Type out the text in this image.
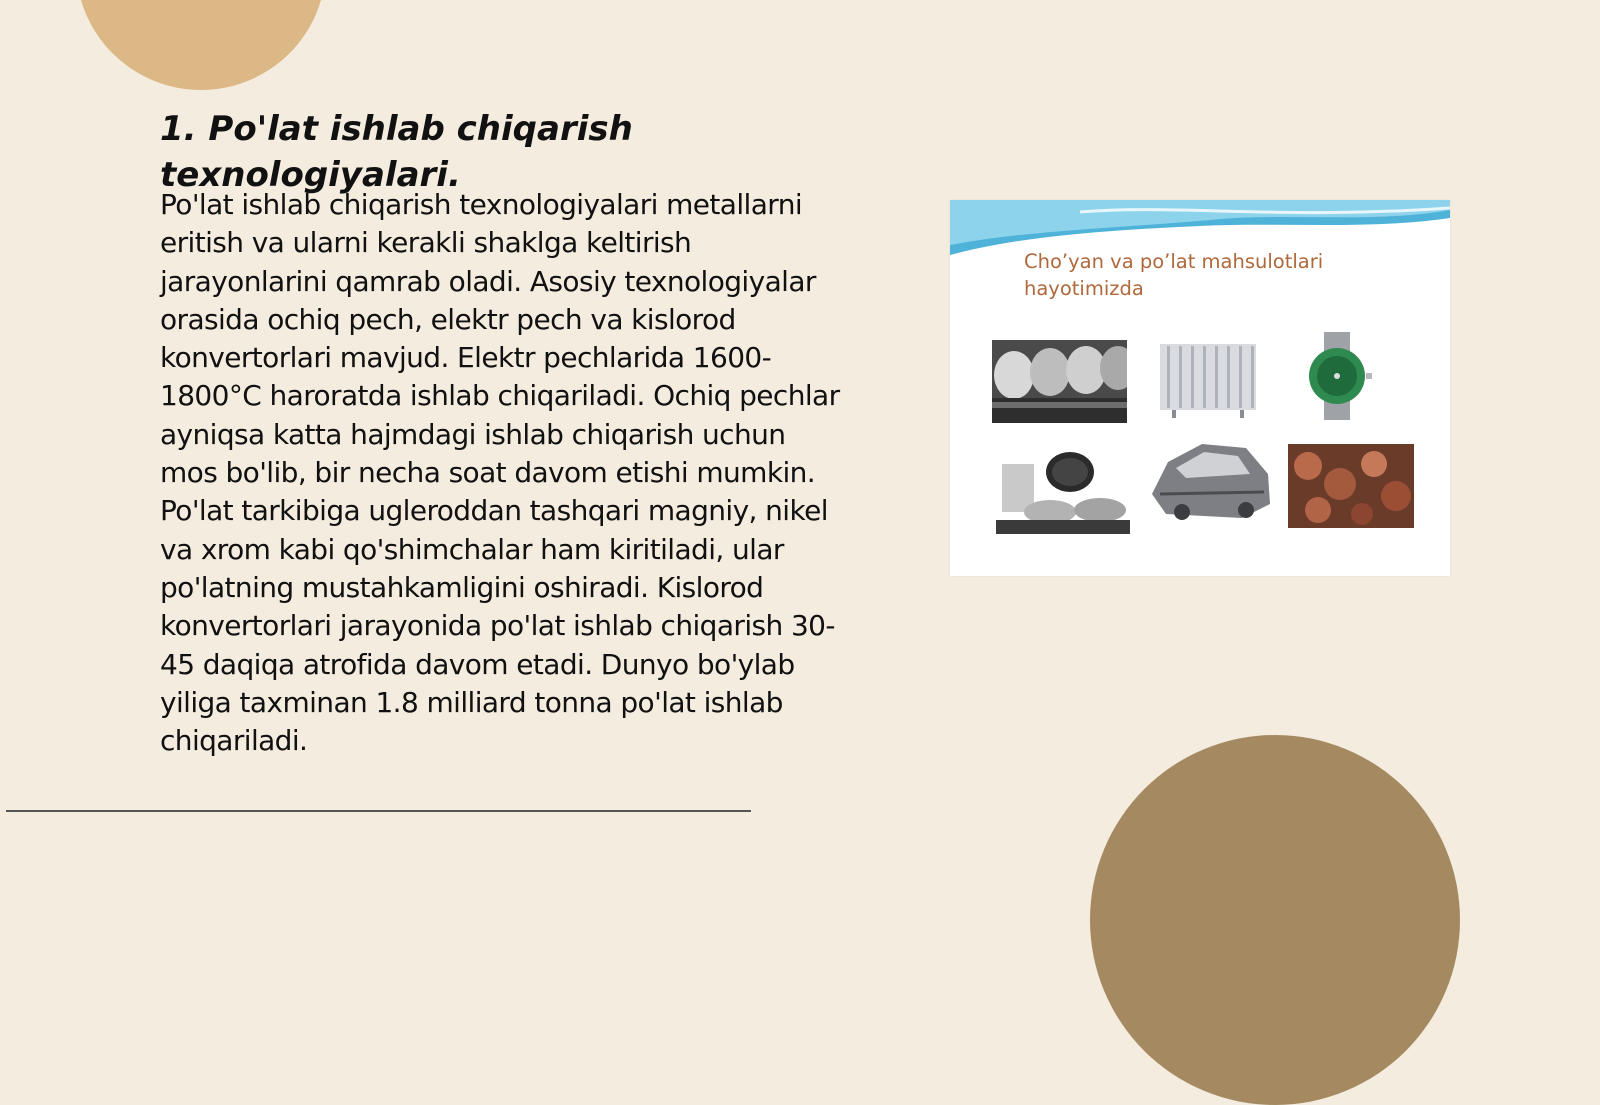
1. Po'lat ishlab chiqarish texnologiyalari.

Po'lat ishlab chiqarish texnologiyalari metallarni eritish va ularni kerakli shaklga keltirish jarayonlarini qamrab oladi. Asosiy texnologiyalar orasida ochiq pech, elektr pech va kislorod konvertorlari mavjud. Elektr pechlarida 1600-1800°C haroratda ishlab chiqariladi. Ochiq pechlar ayniqsa katta hajmdagi ishlab chiqarish uchun mos bo'lib, bir necha soat davom etishi mumkin. Po'lat tarkibiga ugleroddan tashqari magniy, nikel va xrom kabi qo'shimchalar ham kiritiladi, ular po'latning mustahkamligini oshiradi. Kislorod konvertorlari jarayonida po'lat ishlab chiqarish 30-45 daqiqa atrofida davom etadi. Dunyo bo'ylab yiliga taxminan 1.8 milliard tonna po'lat ishlab chiqariladi.

Cho’yan va po’lat mahsulotlari hayotimizda
